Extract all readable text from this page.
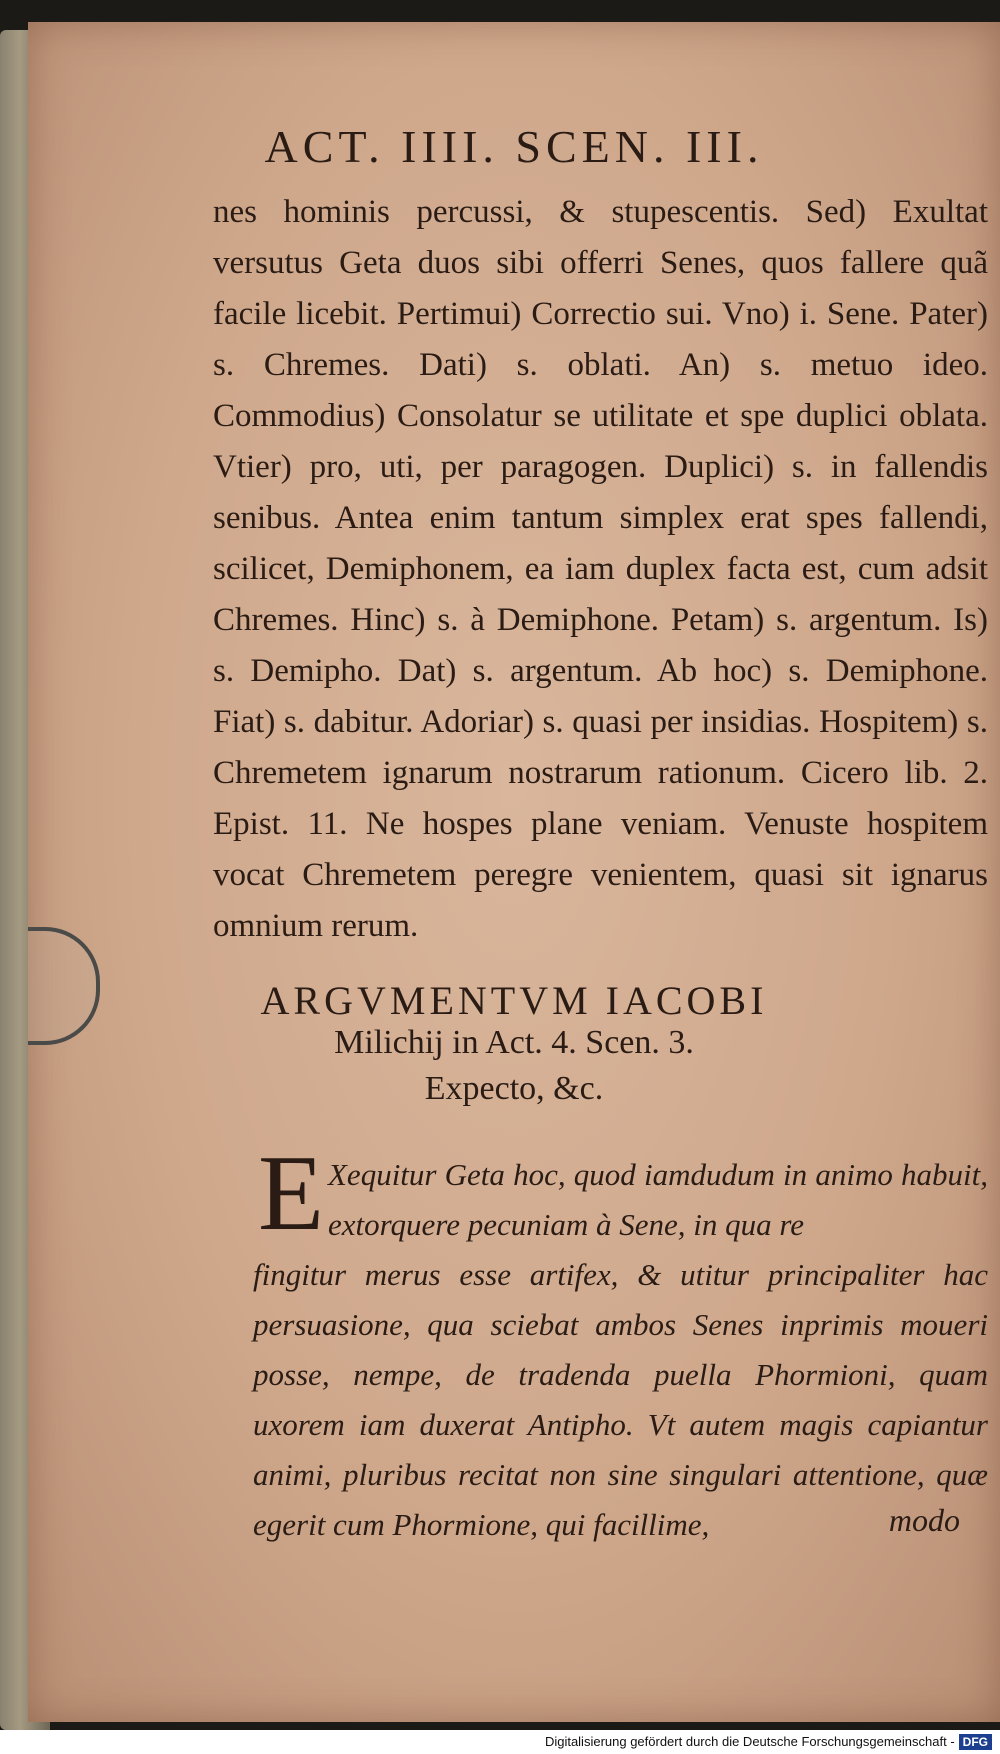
ACT. IIII. SCEN. III.

nes hominis percussi, & stupescentis. Sed) Exultat versutus Geta duos sibi offerri Senes, quos fallere quã facile licebit. Pertimui) Correctio sui. Vno) i. Sene. Pater) s. Chremes. Dati) s. oblati. An) s. metuo ideo. Commodius) Consolatur se utilitate et spe duplici oblata. Vtier) pro, uti, per paragogen. Duplici) s. in fallendis senibus. Antea enim tantum simplex erat spes fallendi, scilicet, Demiphonem, ea iam duplex facta est, cum adsit Chremes. Hinc) s. à Demiphone. Petam) s. argentum. Is) s. Demipho. Dat) s. argentum. Ab hoc) s. Demiphone. Fiat) s. dabitur. Adoriar) s. quasi per insidias. Hospitem) s. Chremetem ignarum nostrarum rationum. Cicero lib. 2. Epist. 11. Ne hospes plane veniam. Venuste hospitem vocat Chremetem peregre venientem, quasi sit ignarus omnium rerum.

ARGVMENTVM IACOBI
Milichij in Act. 4. Scen. 3.
Expecto, &c.
E Xequitur Geta hoc, quod iamdudum in animo habuit, extorquere pecuniam à Sene, in qua re
fingitur merus esse artifex, & utitur principaliter hac persuasione, qua sciebat ambos Senes inprimis moueri posse, nempe, de tradenda puella Phormioni, quam uxorem iam duxerat Antipho. Vt autem magis capiantur animi, pluribus recitat non sine singulari attentione, quæ egerit cum Phormione, qui facillime,	modo
Digitalisierung gefördert durch die Deutsche Forschungsgemeinschaft - DFG
